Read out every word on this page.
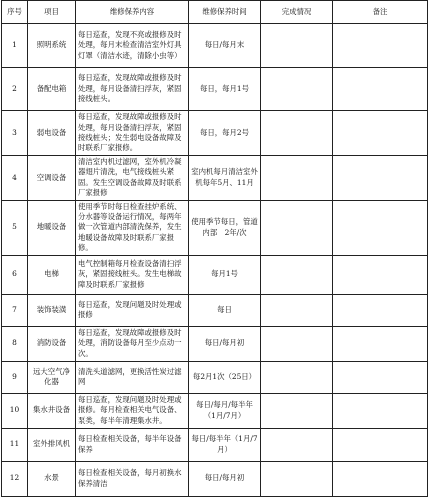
序号	项目	维修保养内容	维修保养时间	完成情况	备注
1	照明系统	每日巡查，发现不亮或报修及时处理，每月末检查清洁室外灯具灯罩（清洁水迹，清除小虫等）	每日/每月末		
2	备配电箱	每日巡查，发现故障或报修及时处理，每月设备清扫浮灰，紧固接线桩头。	每日，每月1号		
3	弱电设备	每日巡查，发现故障或报修及时处理，每月设备清扫浮灰，紧固接线桩头；发生弱电设备故障及时联系厂家报修。	每日，每月2号		
4	空调设备	清洁室内机过滤网，室外机冷凝器翅片清洗，电气接线桩头紧固。发生空调设备故障及时联系厂家报修	室内机每月清洁室外机每年5月、11月		
5	地暖设备	使用季节时每日检查挂炉系统、分水器等设备运行情况，每两年做一次管道内部清洗保养，发生地暖设备故障及时联系厂家报修。	使用季节每日，管道内部　2年/次		
6	电梯	电气控制箱每月检查设备清扫浮灰，紧固接线桩头。发生电梯故障及时联系厂家报修	每月1号		
7	装饰装潢	每日巡查，发现问题及时处理或报修	每日		
8	消防设备	每日巡查，发现故障或报修及时处理，消防设备每月至少点动一次。	每日/每月初		
9	远大空气净化器	清洗头道滤网，更换活性炭过滤网	每2月1次（25日）		
10	集水井设备	每日巡查，发现问题及时处理或报修。每月检查相关电气设备、泵类，每半年清理集水井。	每日/每月/每半年　　（1月/7月）		
11	室外排风机	每日检查相关设备，每半年设备保养	每日/每半年（1月/7月）		
12	水景	每日检查相关设备，每月初换水保养清洁	每日/每月初		
